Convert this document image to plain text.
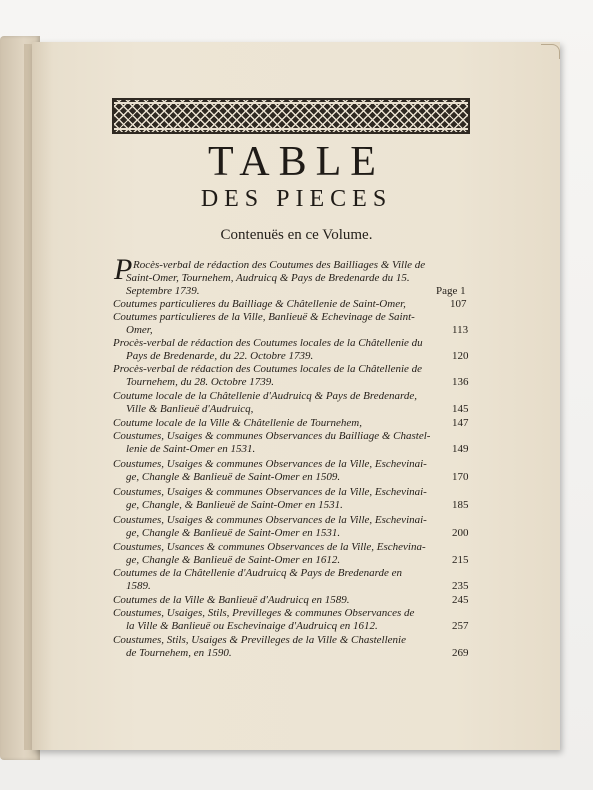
TABLE
DES PIECES
Contenuës en ce Volume.
P Rocès-verbal de rédaction des Coutumes des Bailliages & Ville de
Saint-Omer, Tournehem, Audruicq & Pays de Bredenarde du 15.
Septembre 1739.	Page 1
Coutumes particulieres du Bailliage & Châtellenie de Saint-Omer,	107
Coutumes particulieres de la Ville, Banlieuë & Echevinage de Saint-
Omer,	113
Procès-verbal de rédaction des Coutumes locales de la Châtellenie du
Pays de Bredenarde, du 22. Octobre 1739.	120
Procès-verbal de rédaction des Coutumes locales de la Châtellenie de
Tournehem, du 28. Octobre 1739.	136
Coutume locale de la Châtellenie d'Audruicq & Pays de Bredenarde,
Ville & Banlieuë d'Audruicq,	145
Coutume locale de la Ville & Châtellenie de Tournehem,	147
Coustumes, Usaiges & communes Observances du Bailliage & Chastel-
lenie de Saint-Omer en 1531.	149
Coustumes, Usaiges & communes Observances de la Ville, Eschevinai-
ge, Changle & Banlieuë de Saint-Omer en 1509.	170
Coustumes, Usaiges & communes Observances de la Ville, Eschevinai-
ge, Changle, & Banlieuë de Saint-Omer en 1531.	185
Coustumes, Usaiges & communes Observances de la Ville, Eschevinai-
ge, Changle & Banlieuë de Saint-Omer en 1531.	200
Coustumes, Usances & communes Observances de la Ville, Eschevina-
ge, Changle & Banlieuë de Saint-Omer en 1612.	215
Coutumes de la Châtellenie d'Audruicq & Pays de Bredenarde en
1589.	235
Coutumes de la Ville & Banlieuë d'Audruicq en 1589.	245
Coustumes, Usaiges, Stils, Previlleges & communes Observances de
la Ville & Banlieuë ou Eschevinaige d'Audruicq en 1612.	257
Coustumes, Stils, Usaiges & Previlleges de la Ville & Chastellenie
de Tournehem, en 1590.	269
